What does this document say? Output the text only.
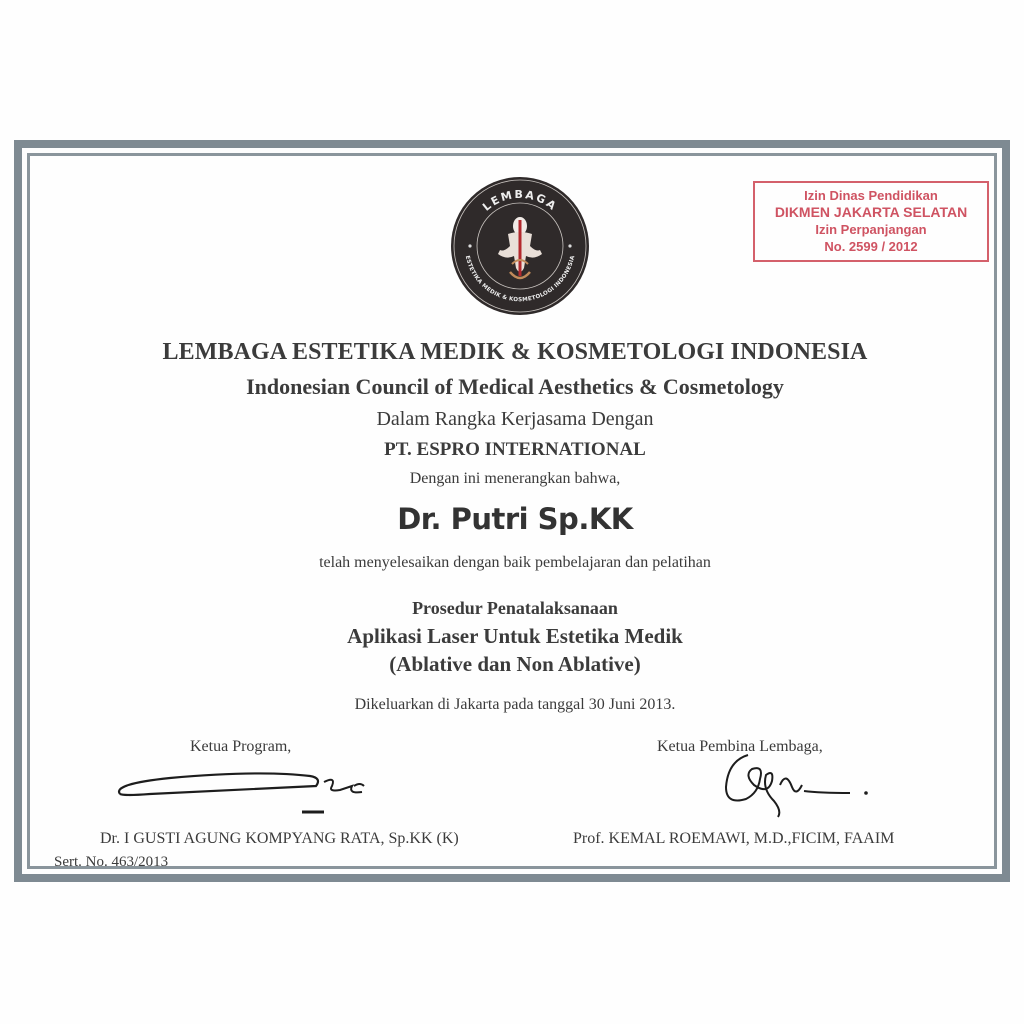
LEMBAGA
ESTETIKA MEDIK & KOSMETOLOGI INDONESIA
Izin Dinas Pendidikan
DIKMEN JAKARTA SELATAN
Izin Perpanjangan
No. 2599 / 2012
LEMBAGA ESTETIKA MEDIK & KOSMETOLOGI INDONESIA
Indonesian Council of Medical Aesthetics & Cosmetology
Dalam Rangka Kerjasama Dengan
PT. ESPRO INTERNATIONAL
Dengan ini menerangkan bahwa,
Dr. Putri Sp.KK
telah menyelesaikan dengan baik pembelajaran dan pelatihan
Prosedur Penatalaksanaan
Aplikasi Laser Untuk Estetika Medik
(Ablative dan Non Ablative)
Dikeluarkan di Jakarta pada tanggal 30 Juni 2013.
Ketua Program,	Ketua Pembina Lembaga,
Dr. I GUSTI AGUNG KOMPYANG RATA, Sp.KK (K)	Prof. KEMAL ROEMAWI, M.D.,FICIM, FAAIM
Sert. No. 463/2013
